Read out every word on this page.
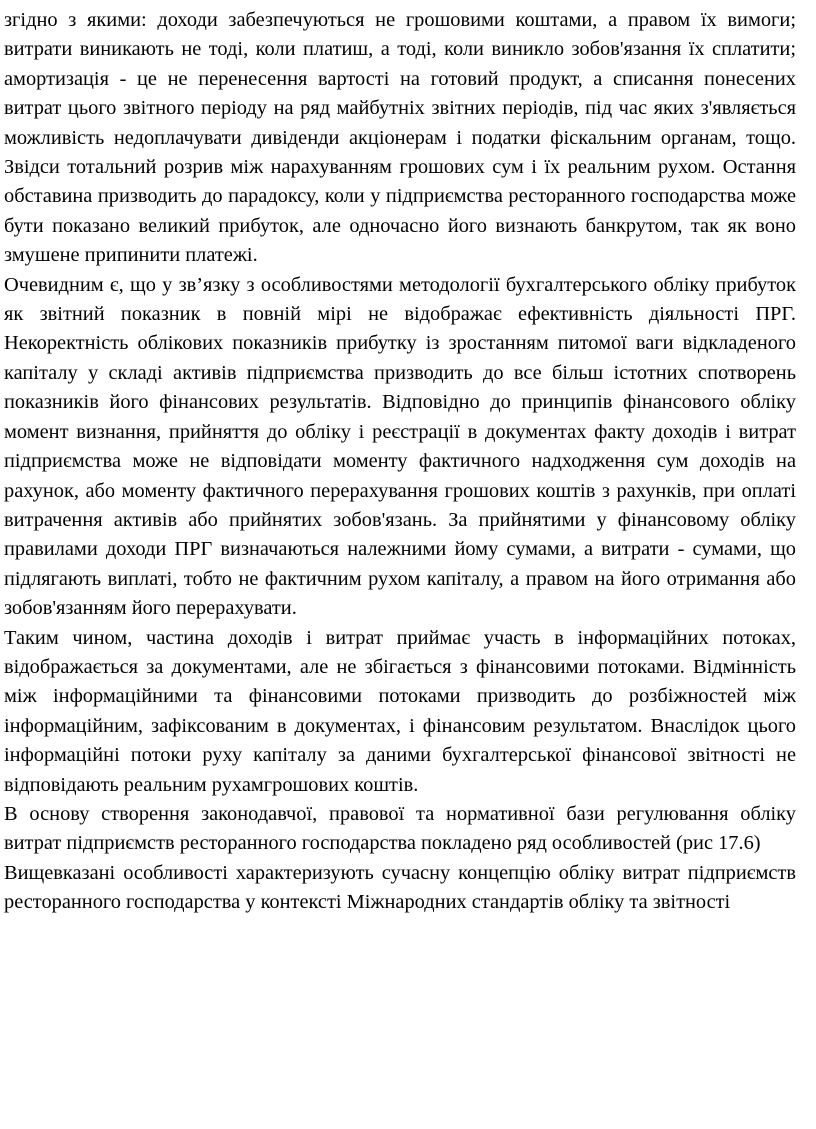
згідно з якими: доходи забезпечуються не грошовими коштами, а правом їх вимоги; витрати виникають не тоді, коли платиш, а тоді, коли виникло зобов'язання їх сплатити; амортизація - це не перенесення вартості на готовий продукт, а списання понесених витрат цього звітного періоду на ряд майбутніх звітних періодів, під час яких з'являється можливість недоплачувати дивіденди акціонерам і податки фіскальним органам, тощо. Звідси тотальний розрив між нарахуванням грошових сум і їх реальним рухом. Остання обставина призводить до парадоксу, коли у підприємства ресторанного господарства може бути показано великий прибуток, але одночасно його визнають банкрутом, так як воно змушене припинити платежі.

Очевидним є, що у зв’язку з особливостями методології бухгалтерського обліку прибуток як звітний показник в повній мірі не відображає ефективність діяльності ПРГ. Некоректність облікових показників прибутку із зростанням питомої ваги відкладеного капіталу у складі активів підприємства призводить до все більш істотних спотворень показників його фінансових результатів. Відповідно до принципів фінансового обліку момент визнання, прийняття до обліку і реєстрації в документах факту доходів і витрат підприємства може не відповідати моменту фактичного надходження сум доходів на рахунок, або моменту фактичного перерахування грошових коштів з рахунків, при оплаті витрачення активів або прийнятих зобов'язань. За прийнятими у фінансовому обліку правилами доходи ПРГ визначаються належними йому сумами, а витрати - сумами, що підлягають виплаті, тобто не фактичним рухом капіталу, а правом на його отримання або зобов'язанням його перерахувати.

Таким чином, частина доходів і витрат приймає участь в інформаційних потоках, відображається за документами, але не збігається з фінансовими потоками. Відмінність між інформаційними та фінансовими потоками призводить до розбіжностей між інформаційним, зафіксованим в документах, і фінансовим результатом. Внаслідок цього інформаційні потоки руху капіталу за даними бухгалтерської фінансової звітності не відповідають реальним рухамгрошових коштів.

В основу створення законодавчої, правової та нормативної бази регулювання обліку витрат підприємств ресторанного господарства покладено ряд особливостей (рис 17.6)

Вищевказані особливості характеризують сучасну концепцію обліку витрат підприємств ресторанного господарства у контексті Міжнародних стандартів обліку та звітності
